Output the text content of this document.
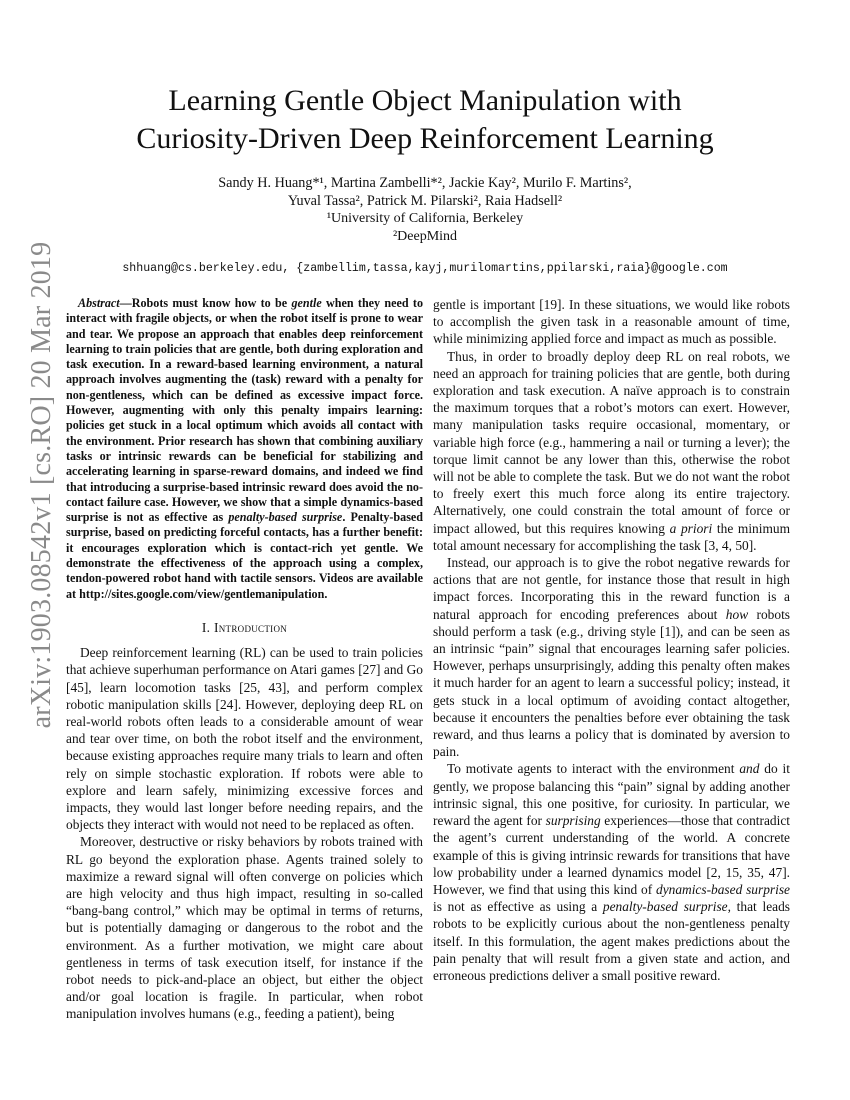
arXiv:1903.08542v1 [cs.RO] 20 Mar 2019
Learning Gentle Object Manipulation with
Curiosity-Driven Deep Reinforcement Learning
Sandy H. Huang*¹, Martina Zambelli*², Jackie Kay², Murilo F. Martins²,
Yuval Tassa², Patrick M. Pilarski², Raia Hadsell²
¹University of California, Berkeley
²DeepMind
shhuang@cs.berkeley.edu, {zambellim,tassa,kayj,murilomartins,ppilarski,raia}@google.com

Abstract—Robots must know how to be gentle when they need to interact with fragile objects, or when the robot itself is prone to wear and tear. We propose an approach that enables deep reinforcement learning to train policies that are gentle, both during exploration and task execution. In a reward-based learning environment, a natural approach involves augmenting the (task) reward with a penalty for non-gentleness, which can be defined as excessive impact force. However, augmenting with only this penalty impairs learning: policies get stuck in a local optimum which avoids all contact with the environment. Prior research has shown that combining auxiliary tasks or intrinsic rewards can be beneficial for stabilizing and accelerating learning in sparse-reward domains, and indeed we find that introducing a surprise-based intrinsic reward does avoid the no-contact failure case. However, we show that a simple dynamics-based surprise is not as effective as penalty-based surprise. Penalty-based surprise, based on predicting forceful contacts, has a further benefit: it encourages exploration which is contact-rich yet gentle. We demonstrate the effectiveness of the approach using a complex, tendon-powered robot hand with tactile sensors. Videos are available at http://sites.google.com/view/gentlemanipulation.

I. Introduction

Deep reinforcement learning (RL) can be used to train policies that achieve superhuman performance on Atari games [27] and Go [45], learn locomotion tasks [25, 43], and perform complex robotic manipulation skills [24]. However, deploying deep RL on real-world robots often leads to a considerable amount of wear and tear over time, on both the robot itself and the environment, because existing approaches require many trials to learn and often rely on simple stochastic exploration. If robots were able to explore and learn safely, minimizing excessive forces and impacts, they would last longer before needing repairs, and the objects they interact with would not need to be replaced as often.

Moreover, destructive or risky behaviors by robots trained with RL go beyond the exploration phase. Agents trained solely to maximize a reward signal will often converge on policies which are high velocity and thus high impact, resulting in so-called “bang-bang control,” which may be optimal in terms of returns, but is potentially damaging or dangerous to the robot and the environment. As a further motivation, we might care about gentleness in terms of task execution itself, for instance if the robot needs to pick-and-place an object, but either the object and/or goal location is fragile. In particular, when robot manipulation involves humans (e.g., feeding a patient), being

gentle is important [19]. In these situations, we would like robots to accomplish the given task in a reasonable amount of time, while minimizing applied force and impact as much as possible.

Thus, in order to broadly deploy deep RL on real robots, we need an approach for training policies that are gentle, both during exploration and task execution. A naïve approach is to constrain the maximum torques that a robot’s motors can exert. However, many manipulation tasks require occasional, momentary, or variable high force (e.g., hammering a nail or turning a lever); the torque limit cannot be any lower than this, otherwise the robot will not be able to complete the task. But we do not want the robot to freely exert this much force along its entire trajectory. Alternatively, one could constrain the total amount of force or impact allowed, but this requires knowing a priori the minimum total amount necessary for accomplishing the task [3, 4, 50].

Instead, our approach is to give the robot negative rewards for actions that are not gentle, for instance those that result in high impact forces. Incorporating this in the reward function is a natural approach for encoding preferences about how robots should perform a task (e.g., driving style [1]), and can be seen as an intrinsic “pain” signal that encourages learning safer policies. However, perhaps unsurprisingly, adding this penalty often makes it much harder for an agent to learn a successful policy; instead, it gets stuck in a local optimum of avoiding contact altogether, because it encounters the penalties before ever obtaining the task reward, and thus learns a policy that is dominated by aversion to pain.

To motivate agents to interact with the environment and do it gently, we propose balancing this “pain” signal by adding another intrinsic signal, this one positive, for curiosity. In particular, we reward the agent for surprising experiences—those that contradict the agent’s current understanding of the world. A concrete example of this is giving intrinsic rewards for transitions that have low probability under a learned dynamics model [2, 15, 35, 47]. However, we find that using this kind of dynamics-based surprise is not as effective as using a penalty-based surprise, that leads robots to be explicitly curious about the non-gentleness penalty itself. In this formulation, the agent makes predictions about the pain penalty that will result from a given state and action, and erroneous predictions deliver a small positive reward.
